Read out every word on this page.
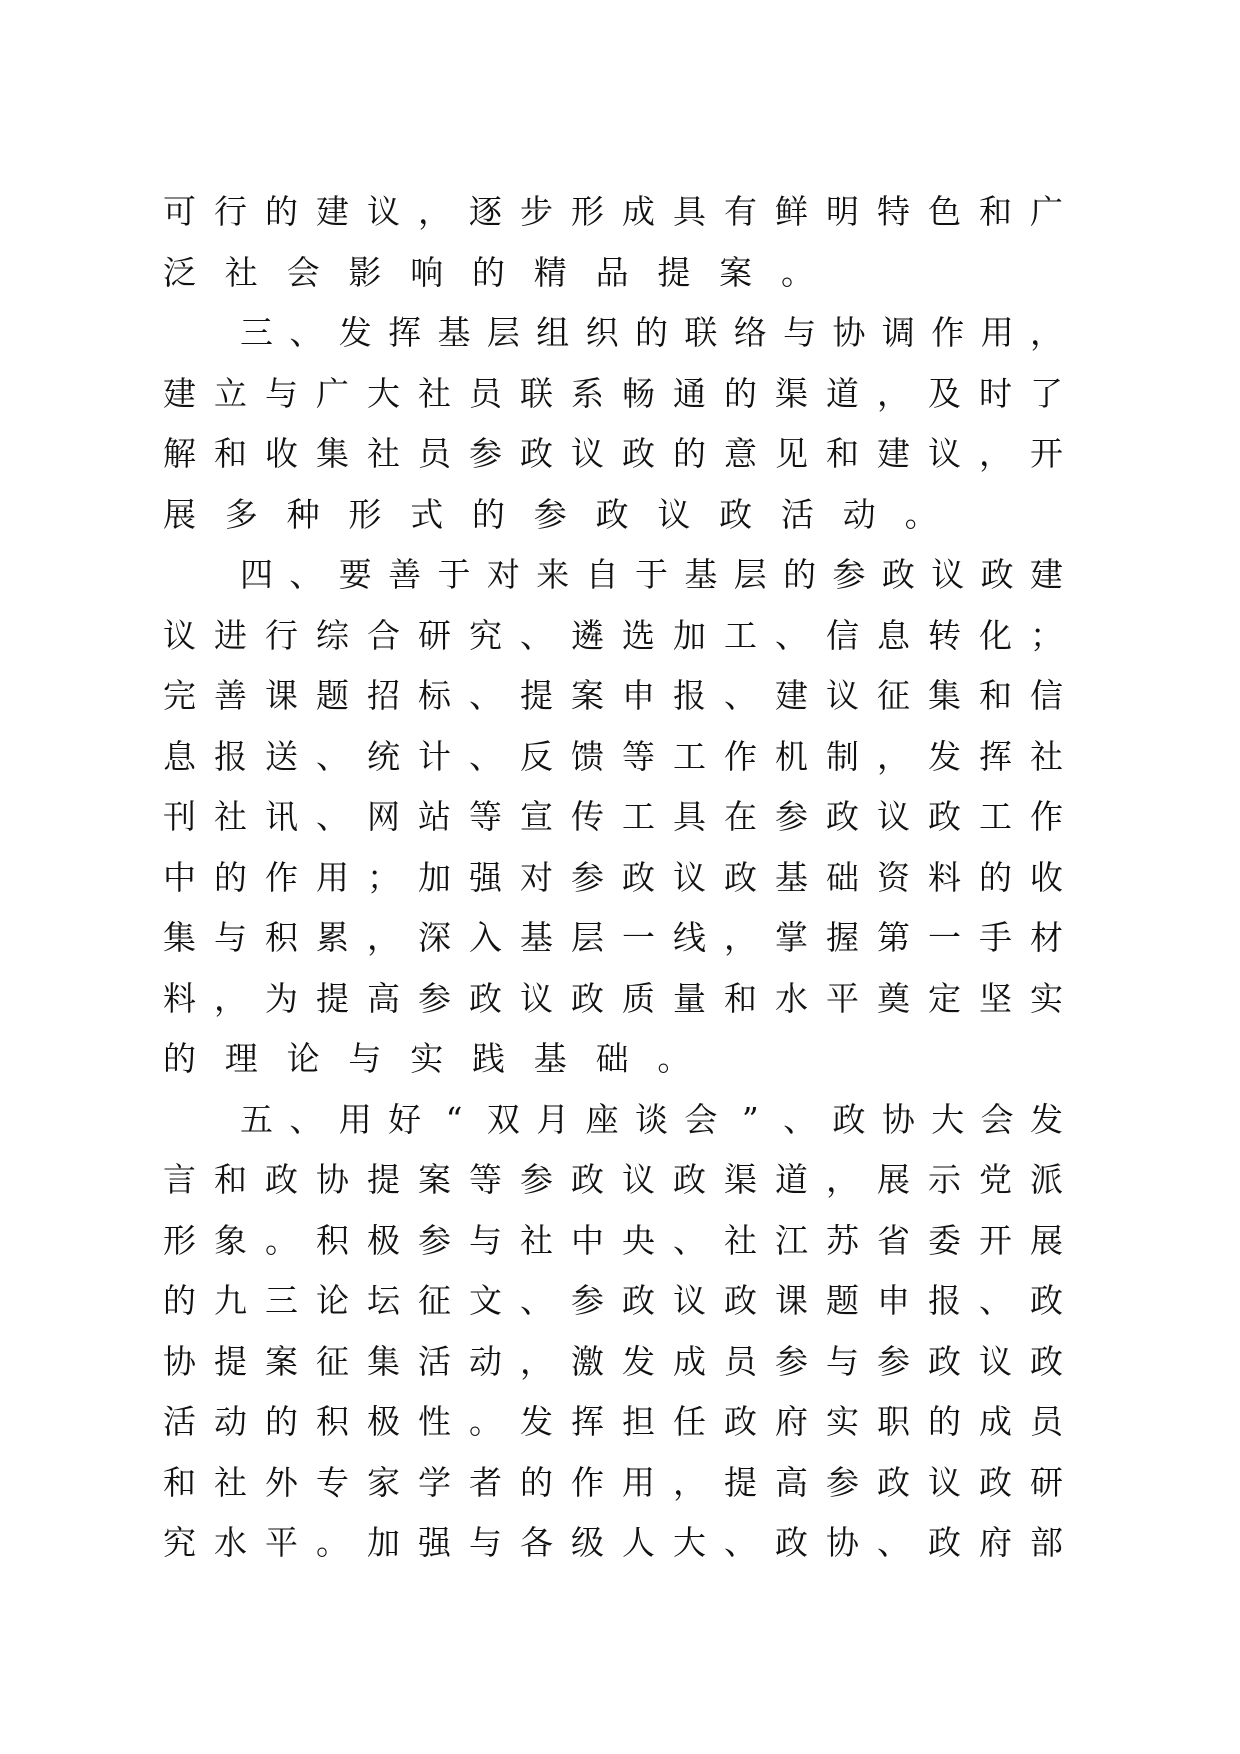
可 行 的 建 议 ， 逐 步 形 成 具 有 鲜 明 特 色 和 广
泛 社 会 影 响 的 精 品 提 案 。
三 、 发 挥 基 层 组 织 的 联 络 与 协 调 作 用 ，
建 立 与 广 大 社 员 联 系 畅 通 的 渠 道 ， 及 时 了
解 和 收 集 社 员 参 政 议 政 的 意 见 和 建 议 ， 开
展 多 种 形 式 的 参 政 议 政 活 动 。
四 、 要 善 于 对 来 自 于 基 层 的 参 政 议 政 建
议 进 行 综 合 研 究 、 遴 选 加 工 、 信 息 转 化 ；
完 善 课 题 招 标 、 提 案 申 报 、 建 议 征 集 和 信
息 报 送 、 统 计 、 反 馈 等 工 作 机 制 ， 发 挥 社
刊 社 讯 、 网 站 等 宣 传 工 具 在 参 政 议 政 工 作
中 的 作 用 ； 加 强 对 参 政 议 政 基 础 资 料 的 收
集 与 积 累 ， 深 入 基 层 一 线 ， 掌 握 第 一 手 材
料 ， 为 提 高 参 政 议 政 质 量 和 水 平 奠 定 坚 实
的 理 论 与 实 践 基 础 。
五 、 用 好 “ 双 月 座 谈 会 ” 、 政 协 大 会 发
言 和 政 协 提 案 等 参 政 议 政 渠 道 ， 展 示 党 派
形 象 。 积 极 参 与 社 中 央 、 社 江 苏 省 委 开 展
的 九 三 论 坛 征 文 、 参 政 议 政 课 题 申 报 、 政
协 提 案 征 集 活 动 ， 激 发 成 员 参 与 参 政 议 政
活 动 的 积 极 性 。 发 挥 担 任 政 府 实 职 的 成 员
和 社 外 专 家 学 者 的 作 用 ， 提 高 参 政 议 政 研
究 水 平 。 加 强 与 各 级 人 大 、 政 协 、 政 府 部
